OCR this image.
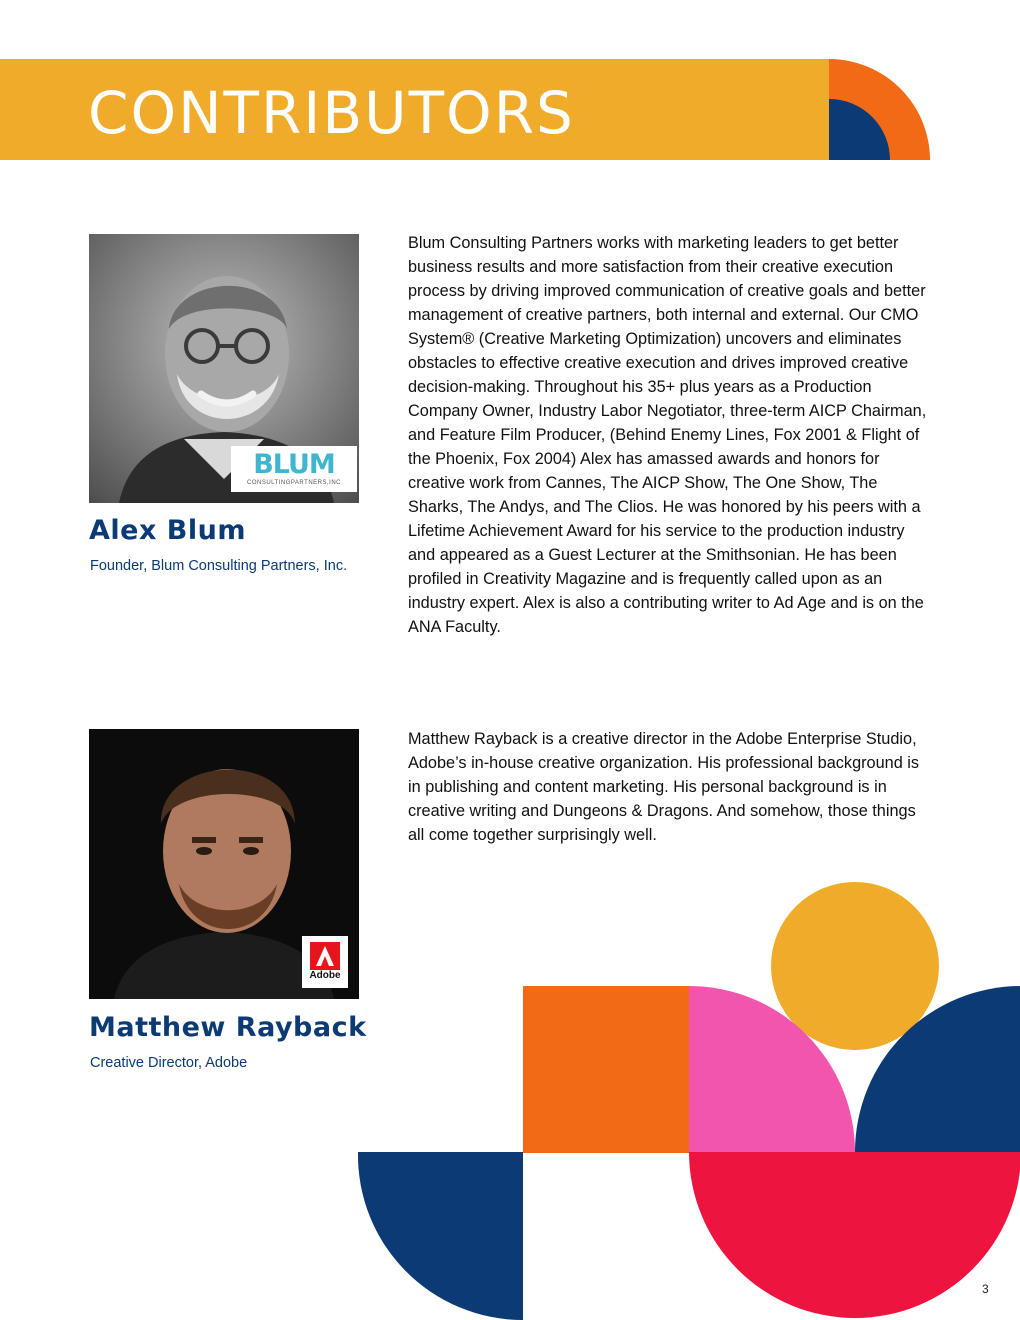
CONTRIBUTORS
BLUM
CONSULTINGPARTNERS,INC
Alex Blum

Founder, Blum Consulting Partners, Inc.

Blum Consulting Partners works with marketing leaders to get better business results and more satisfaction from their creative execution process by driving improved communication of creative goals and better management of creative partners, both internal and external. Our CMO System® (Creative Marketing Optimization) uncovers and eliminates obstacles to effective creative execution and drives improved creative decision-making. Throughout his 35+ plus years as a Production Company Owner, Industry Labor Negotiator, three-term AICP Chairman, and Feature Film Producer, (Behind Enemy Lines, Fox 2001 & Flight of the Phoenix, Fox 2004) Alex has amassed awards and honors for creative work from Cannes, The AICP Show, The One Show, The Sharks, The Andys, and The Clios. He was honored by his peers with a Lifetime Achievement Award for his service to the production industry and appeared as a Guest Lecturer at the Smithsonian. He has been profiled in Creativity Magazine and is frequently called upon as an industry expert. Alex is also a contributing writer to Ad Age and is on the ANA Faculty.

Adobe
Matthew Rayback

Creative Director, Adobe

Matthew Rayback is a creative director in the Adobe Enterprise Studio, Adobe’s in-house creative organization. His professional background is in publishing and content marketing. His personal background is in creative writing and Dungeons & Dragons. And somehow, those things all come together surprisingly well.

3
